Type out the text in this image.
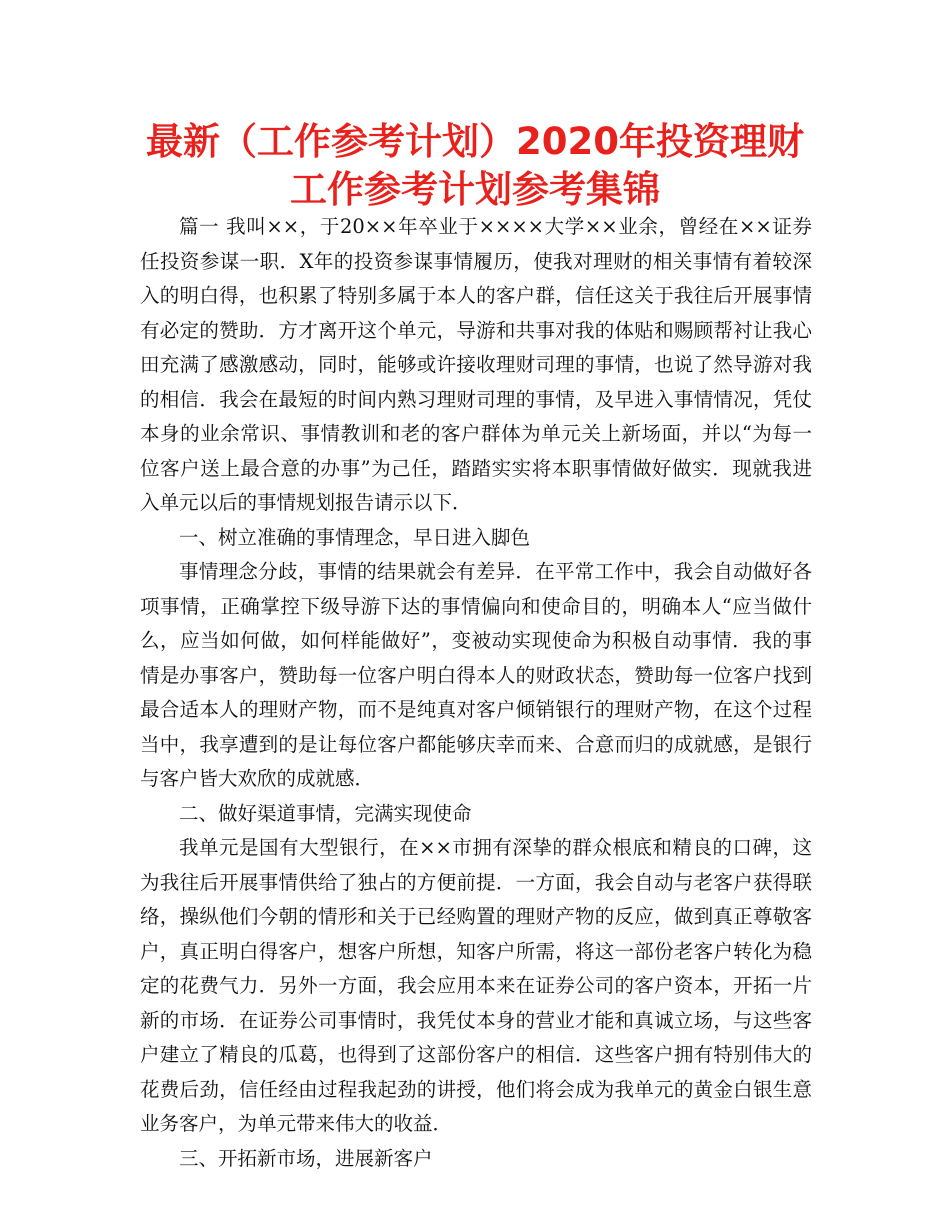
最新（工作参考计划）2020年投资理财工作参考计划参考集锦

篇一 我叫××，于20××年卒业于××××大学××业余，曾经在××证券任投资参谋一职．X年的投资参谋事情履历，使我对理财的相关事情有着较深入的明白得，也积累了特别多属于本人的客户群，信任这关于我往后开展事情有必定的赞助．方才离开这个单元，导游和共事对我的体贴和赐顾帮衬让我心田充满了感激感动，同时，能够或许接收理财司理的事情，也说了然导游对我的相信．我会在最短的时间内熟习理财司理的事情，及早进入事情情况，凭仗本身的业余常识、事情教训和老的客户群体为单元关上新场面，并以“为每一位客户送上最合意的办事”为己任，踏踏实实将本职事情做好做实．现就我进入单元以后的事情规划报告请示以下．

一、树立准确的事情理念，早日进入脚色

事情理念分歧，事情的结果就会有差异．在平常工作中，我会自动做好各项事情，正确掌控下级导游下达的事情偏向和使命目的，明确本人“应当做什么，应当如何做，如何样能做好”，变被动实现使命为积极自动事情．我的事情是办事客户，赞助每一位客户明白得本人的财政状态，赞助每一位客户找到最合适本人的理财产物，而不是纯真对客户倾销银行的理财产物，在这个过程当中，我享遭到的是让每位客户都能够庆幸而来、合意而归的成就感，是银行与客户皆大欢欣的成就感．

二、做好渠道事情，完满实现使命

我单元是国有大型银行，在××市拥有深挚的群众根底和精良的口碑，这为我往后开展事情供给了独占的方便前提．一方面，我会自动与老客户获得联络，操纵他们今朝的情形和关于已经购置的理财产物的反应，做到真正尊敬客户，真正明白得客户，想客户所想，知客户所需，将这一部份老客户转化为稳定的花费气力．另外一方面，我会应用本来在证券公司的客户资本，开拓一片新的市场．在证券公司事情时，我凭仗本身的营业才能和真诚立场，与这些客户建立了精良的瓜葛，也得到了这部份客户的相信．这些客户拥有特别伟大的花费后劲，信任经由过程我起劲的讲授，他们将会成为我单元的黄金白银生意业务客户，为单元带来伟大的收益．

三、开拓新市场，进展新客户
